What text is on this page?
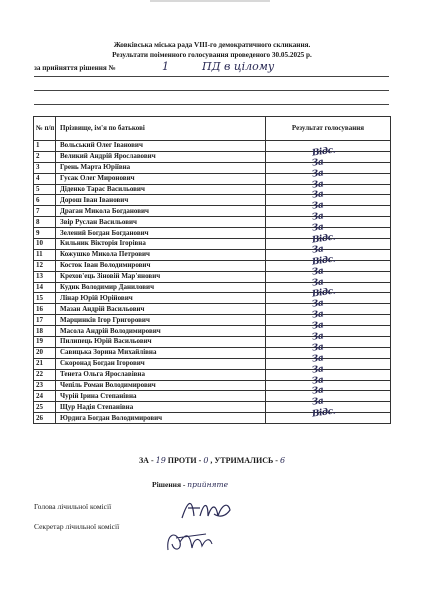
Жовківська міська рада VIII-го демократичного скликання.
Результати поіменного голосування проведеного 30.05.2025 р.
за прийняття рішення №	1	ПД в цілому
№ п/п	Прізвище, ім'я по батькові	Результат голосування
1	Вольський Олег Іванович	

2	Великий Андрій Ярославович	Відс.

3	Грень Марта Юріївна	За

4	Гуєак Олег Миронович	За

5	Діденко Тарас Васильович	За

6	Дорош Іван Іванович	За

7	Драган Микола Богданович	За

8	Звір Руслан Васильович	За

9	Зелений Богдан Богданович	За

10	Кильник Вікторія Ігорівна	Відс.

11	Кожушко Микола Петрович	За

12	Косток Іван Володимирович	Відс.

13	Крехов'ець Зіновій Мар'янович	За

14	Кудик Володимир Данилович	За

15	Лінар Юрій Юрійович	Відс.

16	Мазан Андрій Васильович	За

17	Марцинків Ігор Григорович	За

18	Масола Андрій Володимирович	За

19	Пилипець Юрій Васильович	За

20	Савицька Зорина Михайлівна	За

21	Скоронад Богдан Ігорович	За

22	Тенета Ольга Ярославівна	За

23	Чепіль Роман Володимирович	За

24	Чурій Ірина Степанівна	За

25	Щур Надія Степанівна	За

26	Юрдига Богдан Володимирович	Відс.
ЗА - 19 ПРОТИ - 0 , УТРИМАЛИСЬ - 6
Рішення - прийняте
Голова лічильної комісії
Секретар лічильної комісії
